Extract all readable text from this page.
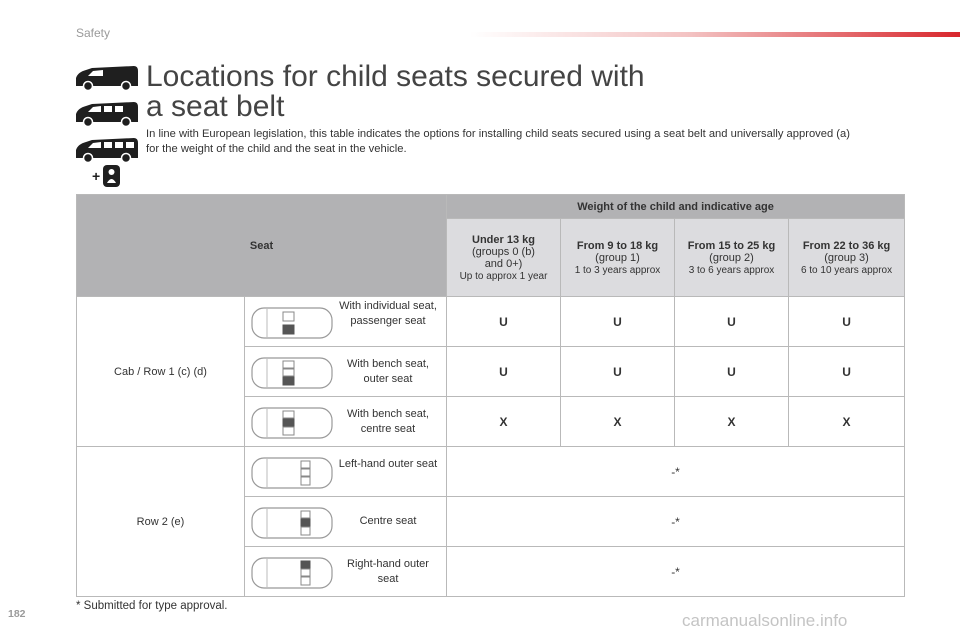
Safety
+
Locations for child seats secured with
a seat belt

In line with European legislation, this table indicates the options for installing child seats secured using a seat belt and universally approved (a) for the weight of the child and the seat in the vehicle.

Seat		Weight of the child and indicative age			
		Under 13 kg
(groups 0 (b) and 0+)
Up to approx 1 year	From 9 to 18 kg
(group 1)
1 to 3 years approx	From 15 to 25 kg
(group 2)
3 to 6 years approx	From 22 to 36 kg
(group 3)
6 to 10 years approx
Cab / Row 1 (c) (d)	With individual seat, passenger seat	U	U	U	U

	With bench seat, outer seat	U	U	U	U

	With bench seat, centre seat	X	X	X	X
Row 2 (e)	Left-hand outer seat	-*			

	Centre seat	-*			

	Right-hand outer seat	-*			
* Submitted for type approval.
182	carmanualsonline.info
